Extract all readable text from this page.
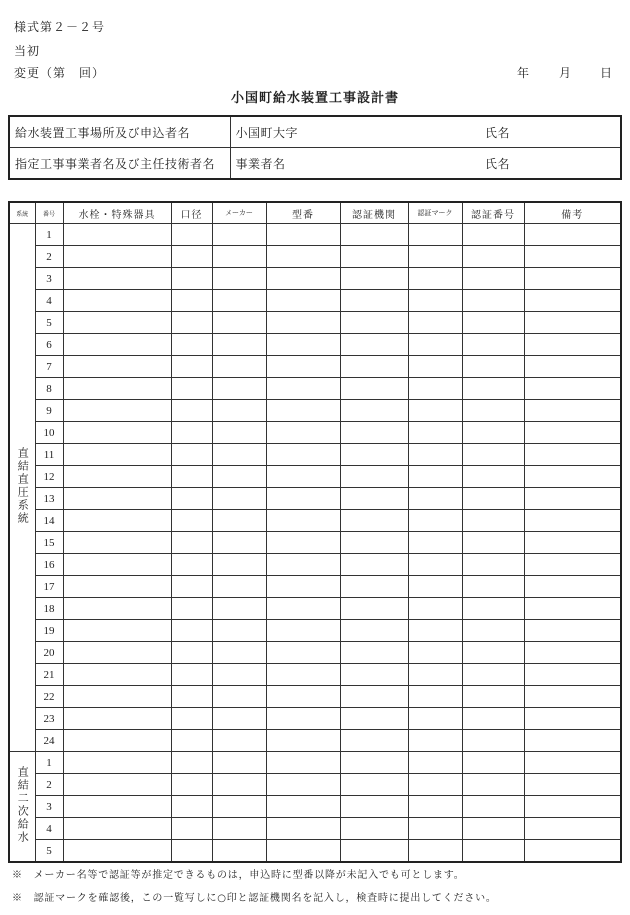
様式第２－２号
当初
変更（第　回）	年 月 日
小国町給水装置工事設計書
給水装置工事場所及び申込者名	小国町大字	氏名
指定工事事業者名及び主任技術者名	事業者名	氏名
系統	番号	水栓・特殊器具	口径	メーカー	型番	認証機関	認証マーク	認証番号	備考
直結直圧系統	1								
	2								
	3								
	4								
	5								
	6								
	7								
	8								
	9								
	10								
	11								
	12								
	13								
	14								
	15								
	16								
	17								
	18								
	19								
	20								
	21								
	22								
	23								
	24								
直結二次給水	1								
	2								
	3								
	4								
	5								
※　メーカー名等で認証等が推定できるものは，申込時に型番以降が未記入でも可とします。
※　認証マークを確認後，この一覧写しに○印と認証機関名を記入し，検査時に提出してください。
